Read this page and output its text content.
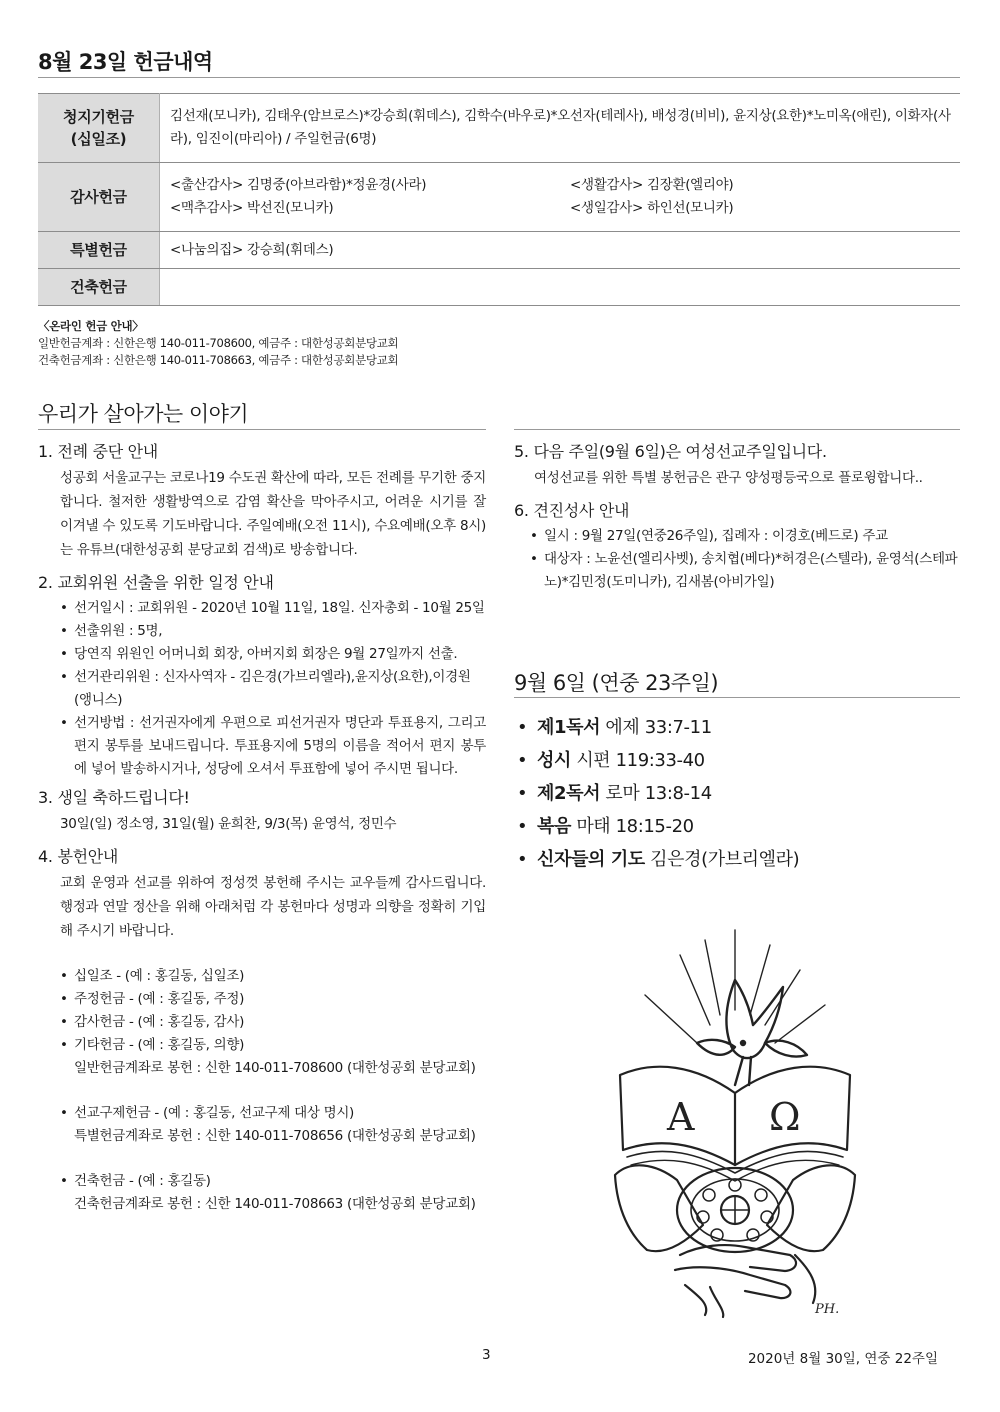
8월 23일 헌금내역
청지기헌금
(십일조)	김선재(모니카), 김태우(암브로스)*강승희(휘데스), 김학수(바우로)*오선자(테레사), 배성경(비비), 윤지상(요한)*노미옥(애린), 이화자(사라), 임진이(마리아) / 주일헌금(6명)
감사헌금	<출산감사> 김명중(아브라함)*정윤경(사라) <생활감사> 김장환(엘리야)
<맥추감사> 박선진(모니카) <생일감사> 하인선(모니카)

특별헌금	<나눔의집> 강승희(휘데스)
건축헌금	
〈온라인 헌금 안내〉
일반헌금계좌 : 신한은행 140-011-708600, 예금주 : 대한성공회분당교회
건축헌금계좌 : 신한은행 140-011-708663, 예금주 : 대한성공회분당교회
우리가 살아가는 이야기

1. 전례 중단 안내

성공회 서울교구는 코로나19 수도권 확산에 따라, 모든 전례를 무기한 중지합니다. 철저한 생활방역으로 감염 확산을 막아주시고, 어려운 시기를 잘 이겨낼 수 있도록 기도바랍니다. 주일예배(오전 11시), 수요예배(오후 8시)는 유튜브(대한성공회 분당교회 검색)로 방송합니다.

2. 교회위원 선출을 위한 일정 안내

• 선거일시 : 교회위원 - 2020년 10월 11일, 18일. 신자총회 - 10월 25일
• 선출위원 : 5명,
• 당연직 위원인 어머니회 회장, 아버지회 회장은 9월 27일까지 선출.
• 선거관리위원 : 신자사역자 - 김은경(가브리엘라),윤지상(요한),이경원(앵니스)
• 선거방법 : 선거권자에게 우편으로 피선거권자 명단과 투표용지, 그리고 편지 봉투를 보내드립니다. 투표용지에 5명의 이름을 적어서 편지 봉투에 넣어 발송하시거나, 성당에 오셔서 투표함에 넣어 주시면 됩니다.

3. 생일 축하드립니다!

30일(일) 정소영, 31일(월) 윤희찬, 9/3(목) 윤영석, 정민수

4. 봉헌안내

교회 운영과 선교를 위하여 정성껏 봉헌해 주시는 교우들께 감사드립니다. 행정과 연말 정산을 위해 아래처럼 각 봉헌마다 성명과 의향을 정확히 기입해 주시기 바랍니다.

• 십일조 - (예 : 홍길동, 십일조)
• 주정헌금 - (예 : 홍길동, 주정)
• 감사헌금 - (예 : 홍길동, 감사)
• 기타헌금 - (예 : 홍길동, 의향)

일반헌금계좌로 봉헌 : 신한 140-011-708600 (대한성공회 분당교회)

• 선교구제헌금 - (예 : 홍길동, 선교구제 대상 명시)

특별헌금계좌로 봉헌 : 신한 140-011-708656 (대한성공회 분당교회)

• 건축헌금 - (예 : 홍길동)

건축헌금계좌로 봉헌 : 신한 140-011-708663 (대한성공회 분당교회)

5. 다음 주일(9월 6일)은 여성선교주일입니다.

여성선교를 위한 특별 봉헌금은 관구 양성평등국으로 플로윙합니다..

6. 견진성사 안내

• 일시 : 9월 27일(연중26주일), 집례자 : 이경호(베드로) 주교
• 대상자 : 노윤선(엘리사벳), 송치협(베다)*허경은(스텔라), 윤영석(스테파노)*김민정(도미니카), 김새봄(아비가일)
9월 6일 (연중 23주일)
• 제1독서 에제 33:7-11
• 성시 시편 119:33-40
• 제2독서 로마 13:8-14
• 복음 마태 18:15-20
• 신자들의 기도 김은경(가브리엘라)
A Ω
PH.
3	2020년 8월 30일, 연중 22주일
